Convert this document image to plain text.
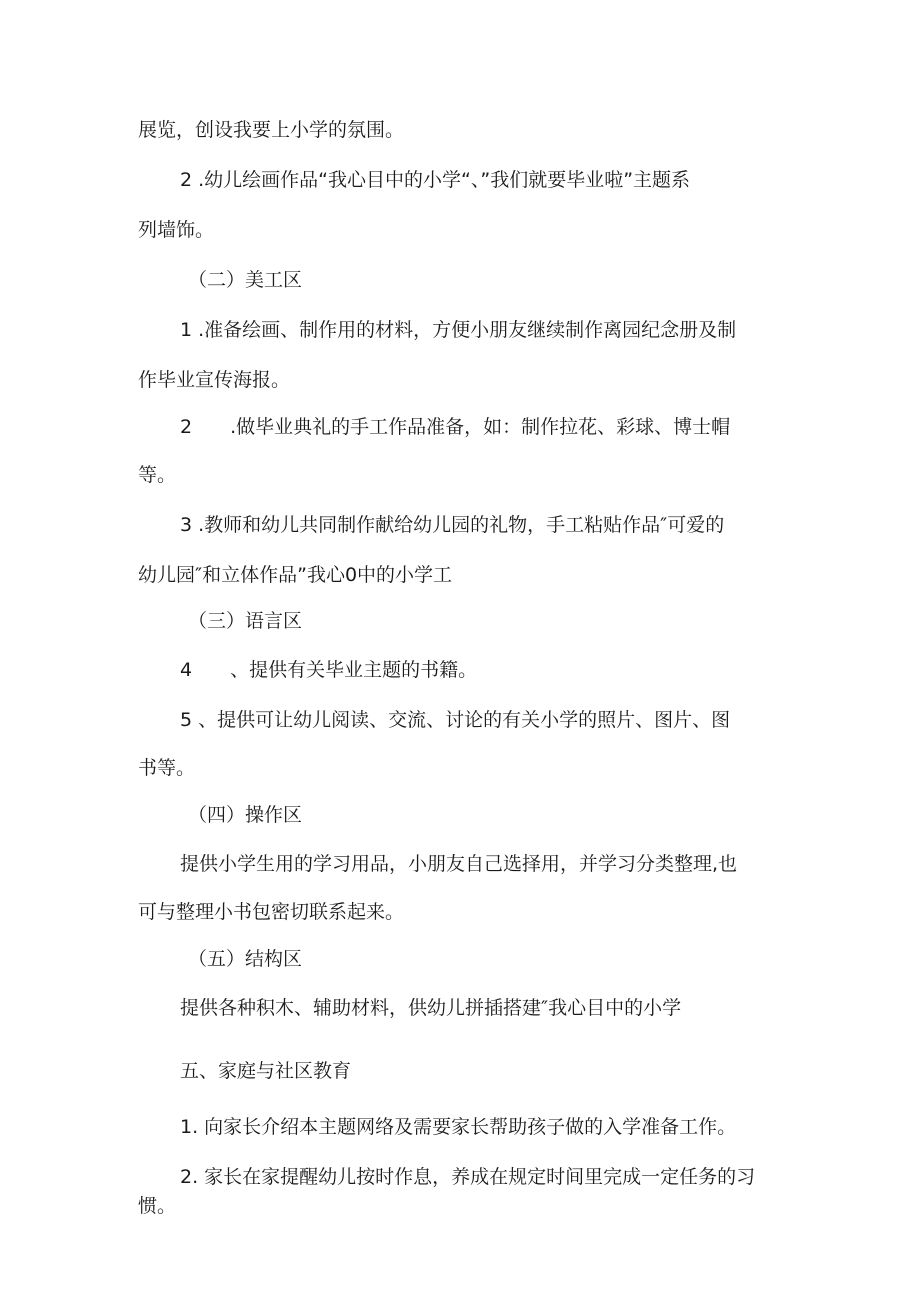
展览，创设我要上小学的氛围。
2 .幼儿绘画作品“我心目中的小学“、”我们就要毕业啦”主题系
列墙饰。
（二）美工区
1 .准备绘画、制作用的材料，方便小朋友继续制作离园纪念册及制
作毕业宣传海报。
2　　.做毕业典礼的手工作品准备，如：制作拉花、彩球、博士帽
等。
3 .教师和幼儿共同制作献给幼儿园的礼物，手工粘贴作品″可爱的
幼儿园″和立体作品”我心0中的小学工
（三）语言区
4　　、提供有关毕业主题的书籍。
5 、提供可让幼儿阅读、交流、讨论的有关小学的照片、图片、图
书等。
（四）操作区
提供小学生用的学习用品，小朋友自己选择用，并学习分类整理,也
可与整理小书包密切联系起来。
（五）结构区
提供各种积木、辅助材料，供幼儿拼插搭建″我心目中的小学
五、家庭与社区教育
1. 向家长介绍本主题网络及需要家长帮助孩子做的入学准备工作。
2. 家长在家提醒幼儿按时作息，养成在规定时间里完成一定任务的习
惯。
